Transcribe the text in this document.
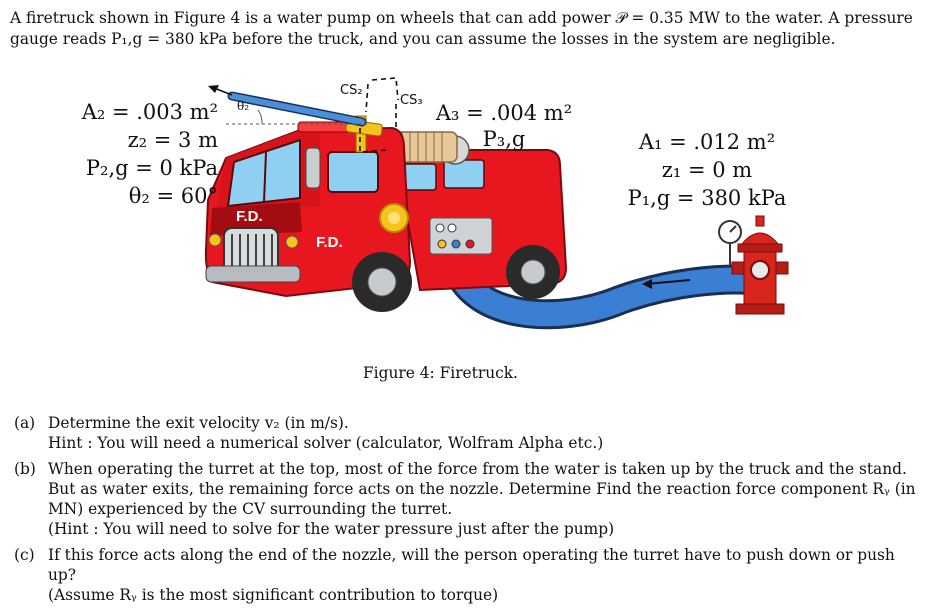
A firetruck shown in Figure 4 is a water pump on wheels that can add power 𝒫 = 0.35 MW to the water. A pressure
gauge reads P₁,g = 380 kPa before the truck, and you can assume the losses in the system are negligible.
F.D.
F.D.
A₂ = .003 m²
z₂ = 3 m
P₂,g = 0 kPa
θ₂ = 60°
θ₂
CS₂
CS₃
A₃ = .004 m²
P₃,g	A₁ = .012 m²
z₁ = 0 m
P₁,g = 380 kPa
Figure 4: Firetruck.
(a) Determine the exit velocity v₂ (in m/s).
Hint : You will need a numerical solver (calculator, Wolfram Alpha etc.)
(b) When operating the turret at the top, most of the force from the water is taken up by the truck and the stand. But as water exits, the remaining force acts on the nozzle. Determine Find the reaction force component Rᵧ (in MN) experienced by the CV surrounding the turret.
(Hint : You will need to solve for the water pressure just after the pump)
(c) If this force acts along the end of the nozzle, will the person operating the turret have to push down or push up?
(Assume Rᵧ is the most significant contribution to torque)
